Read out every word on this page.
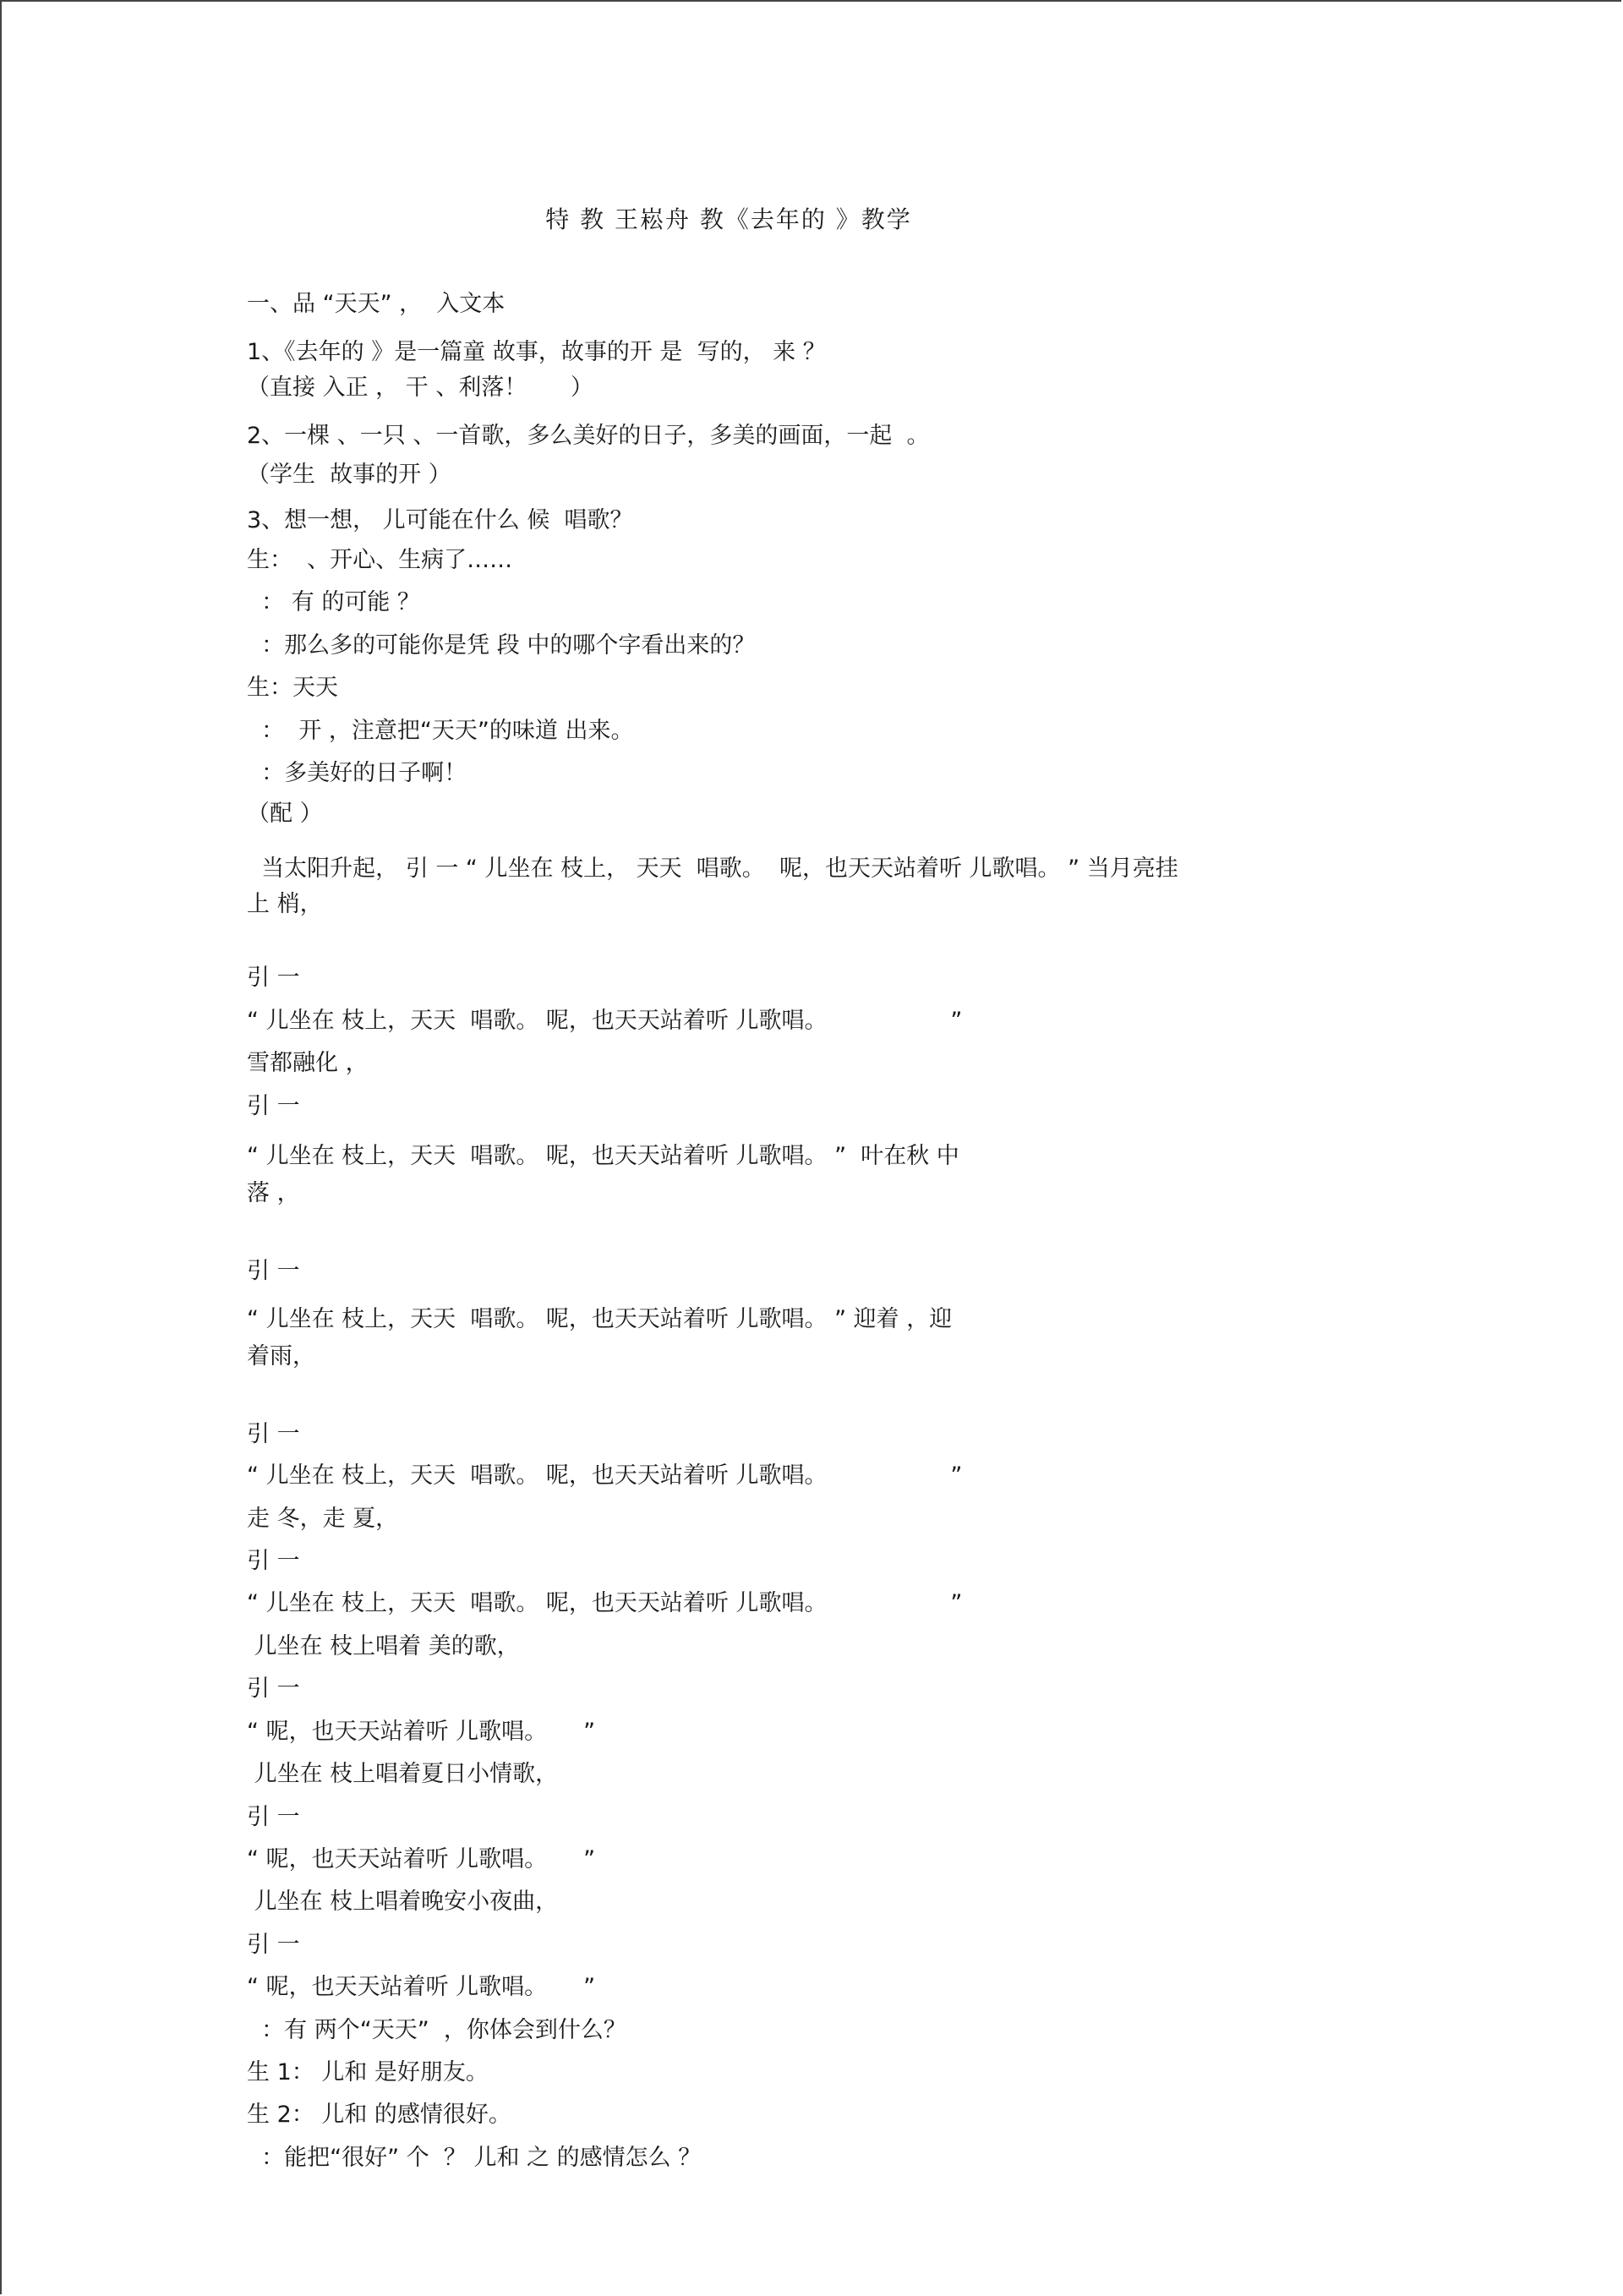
特 教 王崧舟 教《去年的 》教学
一、品 “天天” ，  入文本
1、《去年的 》是一篇童 故事，故事的开 是  写的， 来 ？
（直接 入正 ， 干 、利落！      ）
2、一棵 、一只 、一首歌，多么美好的日子，多美的画面，一起  。
（学生  故事的开 ）
3、想一想， 儿可能在什么 候  唱歌？
生：  、开心、生病了……
： 有 的可能 ？
：那么多的可能你是凭 段 中的哪个字看出来的？
生：天天
：  开 ，注意把“天天”的味道 出来。
：多美好的日子啊！
（配 ）
当太阳升起， 引 一 “ 儿坐在 枝上， 天天  唱歌。  呢，也天天站着听 儿歌唱。 ” 当月亮挂
上 梢，
引 一
“ 儿坐在 枝上，天天  唱歌。 呢，也天天站着听 儿歌唱。                 ”
雪都融化 ，
引 一
“ 儿坐在 枝上，天天  唱歌。 呢，也天天站着听 儿歌唱。 ”  叶在秋 中
落 ，
引 一
“ 儿坐在 枝上，天天  唱歌。 呢，也天天站着听 儿歌唱。 ” 迎着 ，迎
着雨，
引 一
“ 儿坐在 枝上，天天  唱歌。 呢，也天天站着听 儿歌唱。                 ”
走 冬，走 夏，
引 一
“ 儿坐在 枝上，天天  唱歌。 呢，也天天站着听 儿歌唱。                 ”
儿坐在 枝上唱着 美的歌，
引 一
“ 呢，也天天站着听 儿歌唱。     ”
儿坐在 枝上唱着夏日小情歌，
引 一
“ 呢，也天天站着听 儿歌唱。     ”
儿坐在 枝上唱着晚安小夜曲，
引 一
“ 呢，也天天站着听 儿歌唱。     ”
：有 两个“天天”  ，你体会到什么？
生 1： 儿和 是好朋友。
生 2： 儿和 的感情很好。
：能把“很好” 个  ？ 儿和 之 的感情怎么 ？
